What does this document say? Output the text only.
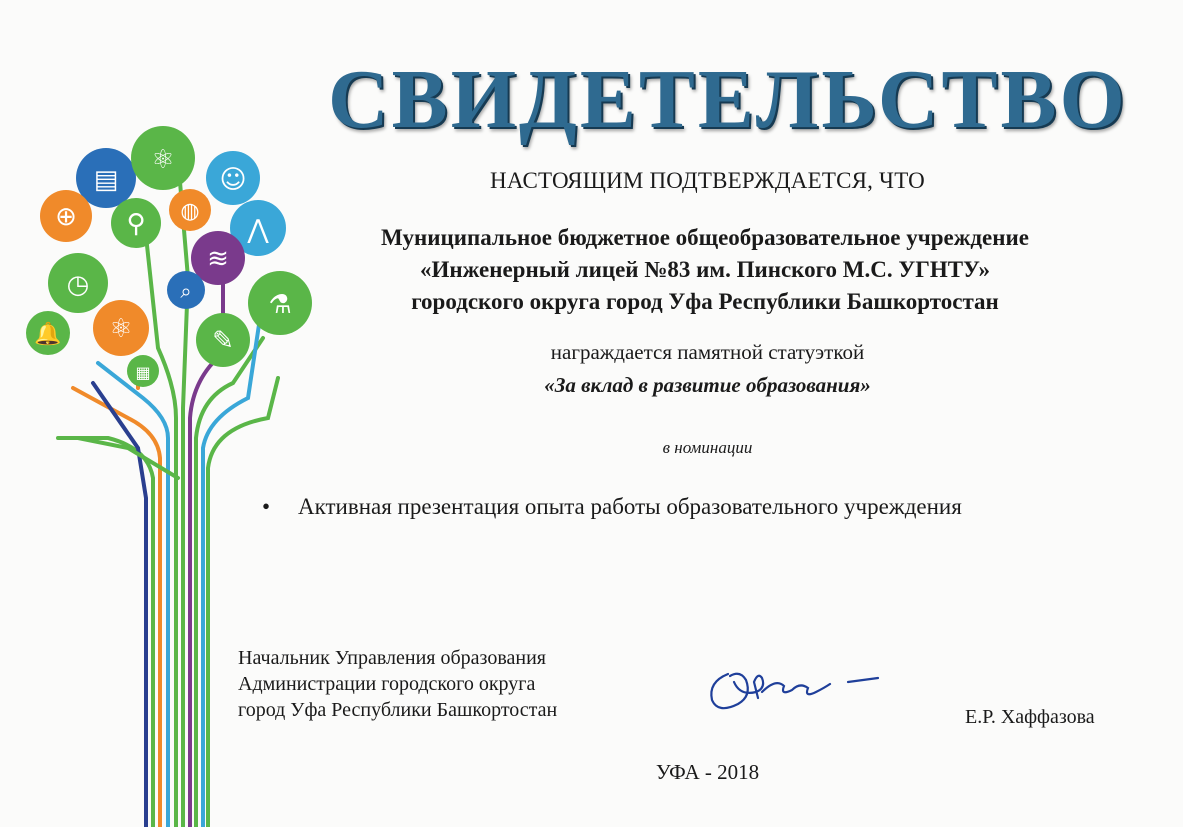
▤
⚛
☺
⊕ ⚲ ◍
⋀
◷
≋
⌕	⚗
⚛	✎
🔔
▦
СВИДЕТЕЛЬСТВО
НАСТОЯЩИМ ПОДТВЕРЖДАЕТСЯ, ЧТО
Муниципальное бюджетное общеобразовательное учреждение
«Инженерный лицей №83 им. Пинского М.С. УГНТУ»
городского округа город Уфа Республики Башкортостан
награждается памятной статуэткой
«За вклад в развитие образования»
в номинации
• Активная презентация опыта работы образовательного учреждения
Начальник Управления образования
Администрации городского округа
город Уфа Республики Башкортостан	Е.Р. Хаффазова
УФА - 2018
